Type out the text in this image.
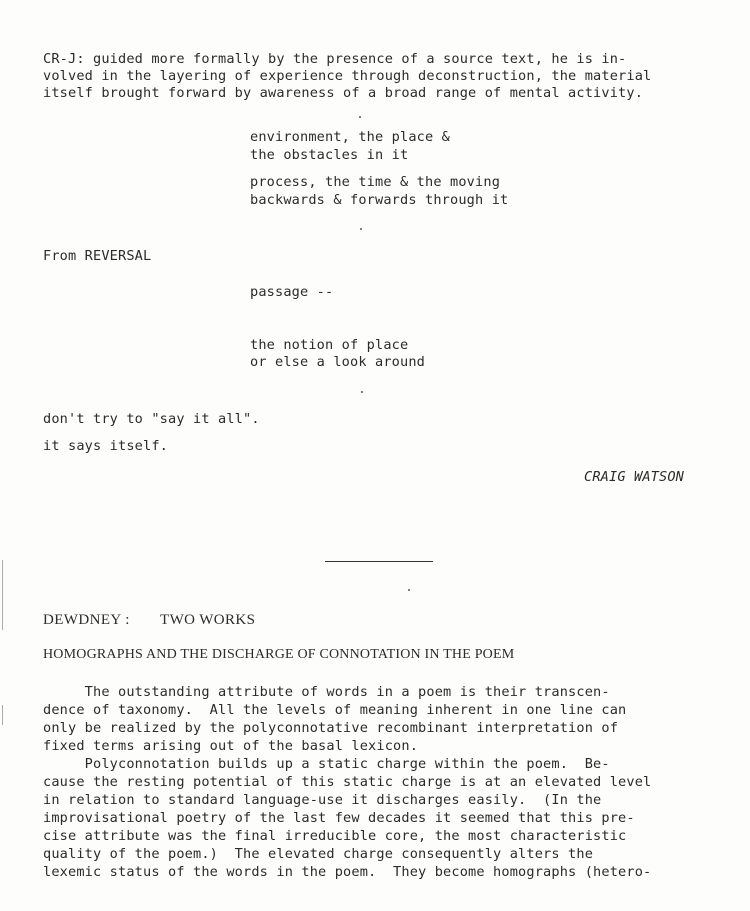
CR-J: guided more formally by the presence of a source text, he is in-
volved in the layering of experience through deconstruction, the material
itself brought forward by awareness of a broad range of mental activity.
environment, the place &
the obstacles in it
process, the time & the moving
backwards & forwards through it
From REVERSAL
passage --
the notion of place
or else a look around
don't try to "say it all".
it says itself.
CRAIG WATSON
DEWDNEY : TWO WORKS
HOMOGRAPHS AND THE DISCHARGE OF CONNOTATION IN THE POEM
The outstanding attribute of words in a poem is their transcen-
dence of taxonomy.  All the levels of meaning inherent in one line can
only be realized by the polyconnotative recombinant interpretation of
fixed terms arising out of the basal lexicon.
Polyconnotation builds up a static charge within the poem.  Be-
cause the resting potential of this static charge is at an elevated level
in relation to standard language-use it discharges easily.  (In the
improvisational poetry of the last few decades it seemed that this pre-
cise attribute was the final irreducible core, the most characteristic
quality of the poem.)  The elevated charge consequently alters the
lexemic status of the words in the poem.  They become homographs (hetero-
